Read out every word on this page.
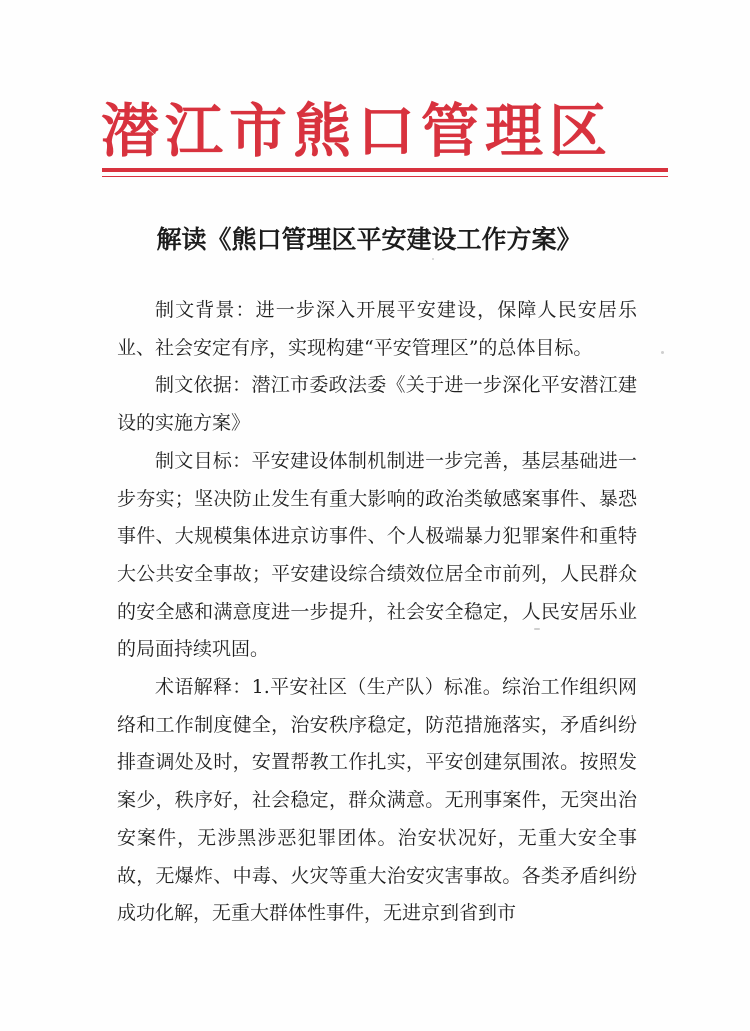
潜江市熊口管理区
解读《熊口管理区平安建设工作方案》

制文背景：进一步深入开展平安建设，保障人民安居乐业、社会安定有序，实现构建“平安管理区”的总体目标。

制文依据：潜江市委政法委《关于进一步深化平安潜江建设的实施方案》

制文目标：平安建设体制机制进一步完善，基层基础进一步夯实；坚决防止发生有重大影响的政治类敏感案事件、暴恐事件、大规模集体进京访事件、个人极端暴力犯罪案件和重特大公共安全事故；平安建设综合绩效位居全市前列，人民群众的安全感和满意度进一步提升，社会安全稳定，人民安居乐业的局面持续巩固。

术语解释：1.平安社区（生产队）标准。综治工作组织网络和工作制度健全，治安秩序稳定，防范措施落实，矛盾纠纷排查调处及时，安置帮教工作扎实，平安创建氛围浓。按照发案少，秩序好，社会稳定，群众满意。无刑事案件，无突出治安案件，无涉黑涉恶犯罪团体。治安状况好，无重大安全事故，无爆炸、中毒、火灾等重大治安灾害事故。各类矛盾纠纷成功化解，无重大群体性事件，无进京到省到市
